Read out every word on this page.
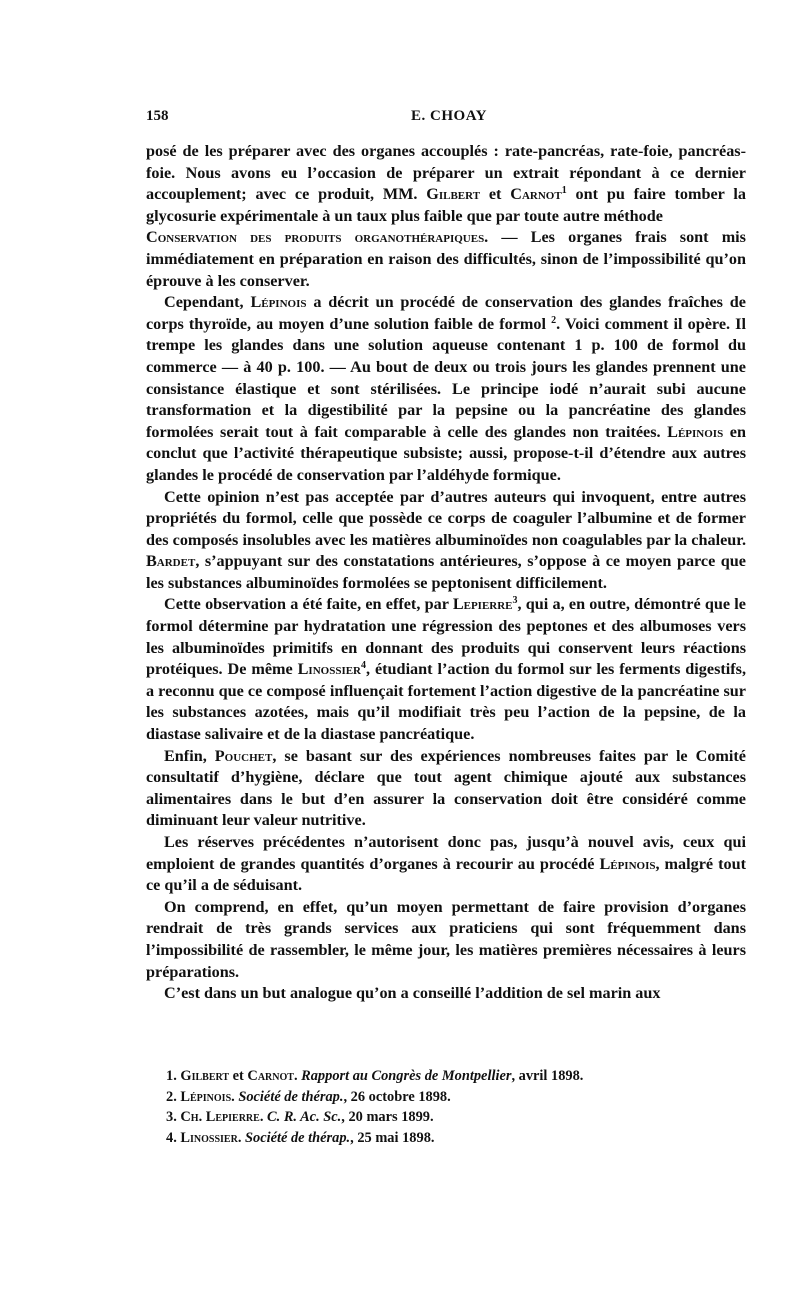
158	E. CHOAY

posé de les préparer avec des organes accouplés : rate-pancréas, rate-foie, pancréas-foie. Nous avons eu l’occasion de préparer un extrait répondant à ce dernier accouplement; avec ce produit, MM. Gilbert et Carnot$^1$ ont pu faire tomber la glycosurie expérimentale à un taux plus faible que par toute autre méthode

Conservation des produits organothérapiques. — Les organes frais sont mis immédiatement en préparation en raison des difficultés, sinon de l’impossibilité qu’on éprouve à les conserver.

Cependant, Lépinois a décrit un procédé de conservation des glandes fraîches de corps thyroïde, au moyen d’une solution faible de formol $^2$. Voici comment il opère. Il trempe les glandes dans une solution aqueuse contenant 1 p. 100 de formol du commerce — à 40 p. 100. — Au bout de deux ou trois jours les glandes prennent une consistance élastique et sont stérilisées. Le principe iodé n’aurait subi aucune transformation et la digestibilité par la pepsine ou la pancréatine des glandes formolées serait tout à fait comparable à celle des glandes non traitées. Lépinois en conclut que l’activité thérapeutique subsiste; aussi, propose-t-il d’étendre aux autres glandes le procédé de conservation par l’aldéhyde formique.

Cette opinion n’est pas acceptée par d’autres auteurs qui invoquent, entre autres propriétés du formol, celle que possède ce corps de coaguler l’albumine et de former des composés insolubles avec les matières albuminoïdes non coagulables par la chaleur. Bardet, s’appuyant sur des constatations antérieures, s’oppose à ce moyen parce que les substances albuminoïdes formolées se peptonisent difficilement.

Cette observation a été faite, en effet, par Lepierre$^3$, qui a, en outre, démontré que le formol détermine par hydratation une régression des peptones et des albumoses vers les albuminoïdes primitifs en donnant des produits qui conservent leurs réactions protéiques. De même Linossier$^4$, étudiant l’action du formol sur les ferments digestifs, a reconnu que ce composé influençait fortement l’action digestive de la pancréatine sur les substances azotées, mais qu’il modifiait très peu l’action de la pepsine, de la diastase salivaire et de la diastase pancréatique.

Enfin, Pouchet, se basant sur des expériences nombreuses faites par le Comité consultatif d’hygiène, déclare que tout agent chimique ajouté aux substances alimentaires dans le but d’en assurer la conservation doit être considéré comme diminuant leur valeur nutritive.

Les réserves précédentes n’autorisent donc pas, jusqu’à nouvel avis, ceux qui emploient de grandes quantités d’organes à recourir au procédé Lépinois, malgré tout ce qu’il a de séduisant.

On comprend, en effet, qu’un moyen permettant de faire provision d’organes rendrait de très grands services aux praticiens qui sont fréquemment dans l’impossibilité de rassembler, le même jour, les matières premières nécessaires à leurs préparations.

C’est dans un but analogue qu’on a conseillé l’addition de sel marin aux

1. Gilbert et Carnot. Rapport au Congrès de Montpellier, avril 1898.
2. Lépinois. Société de thérap., 26 octobre 1898.
3. Ch. Lepierre. C. R. Ac. Sc., 20 mars 1899.
4. Linossier. Société de thérap., 25 mai 1898.
